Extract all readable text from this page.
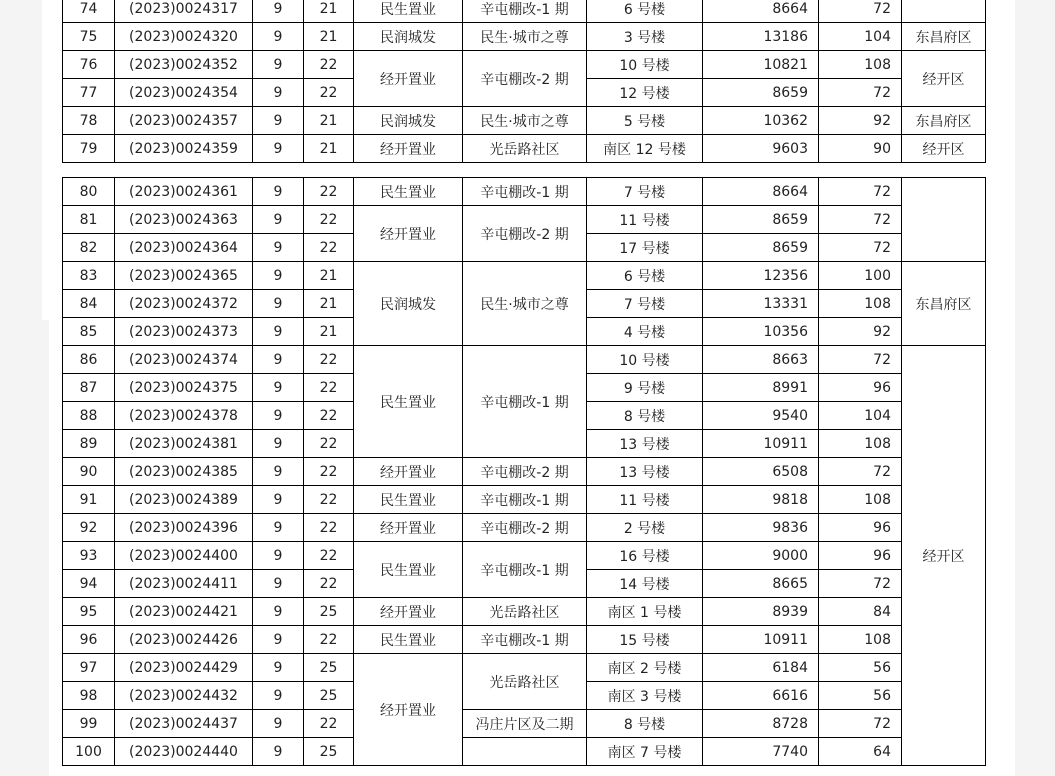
74	(2023)0024317	9	21	民生置业	辛屯棚改-1 期	6 号楼	8664	72	
75	(2023)0024320	9	21	民润城发	民生·城市之尊	3 号楼	13186	104	东昌府区
76	(2023)0024352	9	22	经开置业	辛屯棚改-2 期	10 号楼	10821	108	经开区
77	(2023)0024354	9	22			12 号楼	8659	72	
78	(2023)0024357	9	21	民润城发	民生·城市之尊	5 号楼	10362	92	东昌府区
79	(2023)0024359	9	21	经开置业	光岳路社区	南区 12 号楼	9603	90	经开区
80	(2023)0024361	9	22	民生置业	辛屯棚改-1 期	7 号楼	8664	72	
81	(2023)0024363	9	22	经开置业	辛屯棚改-2 期	11 号楼	8659	72	
82	(2023)0024364	9	22			17 号楼	8659	72	
83	(2023)0024365	9	21	民润城发	民生·城市之尊	6 号楼	12356	100	东昌府区
84	(2023)0024372	9	21			7 号楼	13331	108	
85	(2023)0024373	9	21			4 号楼	10356	92	
86	(2023)0024374	9	22	民生置业	辛屯棚改-1 期	10 号楼	8663	72	经开区
87	(2023)0024375	9	22			9 号楼	8991	96	
88	(2023)0024378	9	22			8 号楼	9540	104	
89	(2023)0024381	9	22			13 号楼	10911	108	
90	(2023)0024385	9	22	经开置业	辛屯棚改-2 期	13 号楼	6508	72	
91	(2023)0024389	9	22	民生置业	辛屯棚改-1 期	11 号楼	9818	108	
92	(2023)0024396	9	22	经开置业	辛屯棚改-2 期	2 号楼	9836	96	
93	(2023)0024400	9	22	民生置业	辛屯棚改-1 期	16 号楼	9000	96	
94	(2023)0024411	9	22			14 号楼	8665	72	
95	(2023)0024421	9	25	经开置业	光岳路社区	南区 1 号楼	8939	84	
96	(2023)0024426	9	22	民生置业	辛屯棚改-1 期	15 号楼	10911	108	
97	(2023)0024429	9	25	经开置业	光岳路社区	南区 2 号楼	6184	56	
98	(2023)0024432	9	25			南区 3 号楼	6616	56	
99	(2023)0024437	9	22		冯庄片区及二期	8 号楼	8728	72	
100	(2023)0024440	9	25			南区 7 号楼	7740	64	
